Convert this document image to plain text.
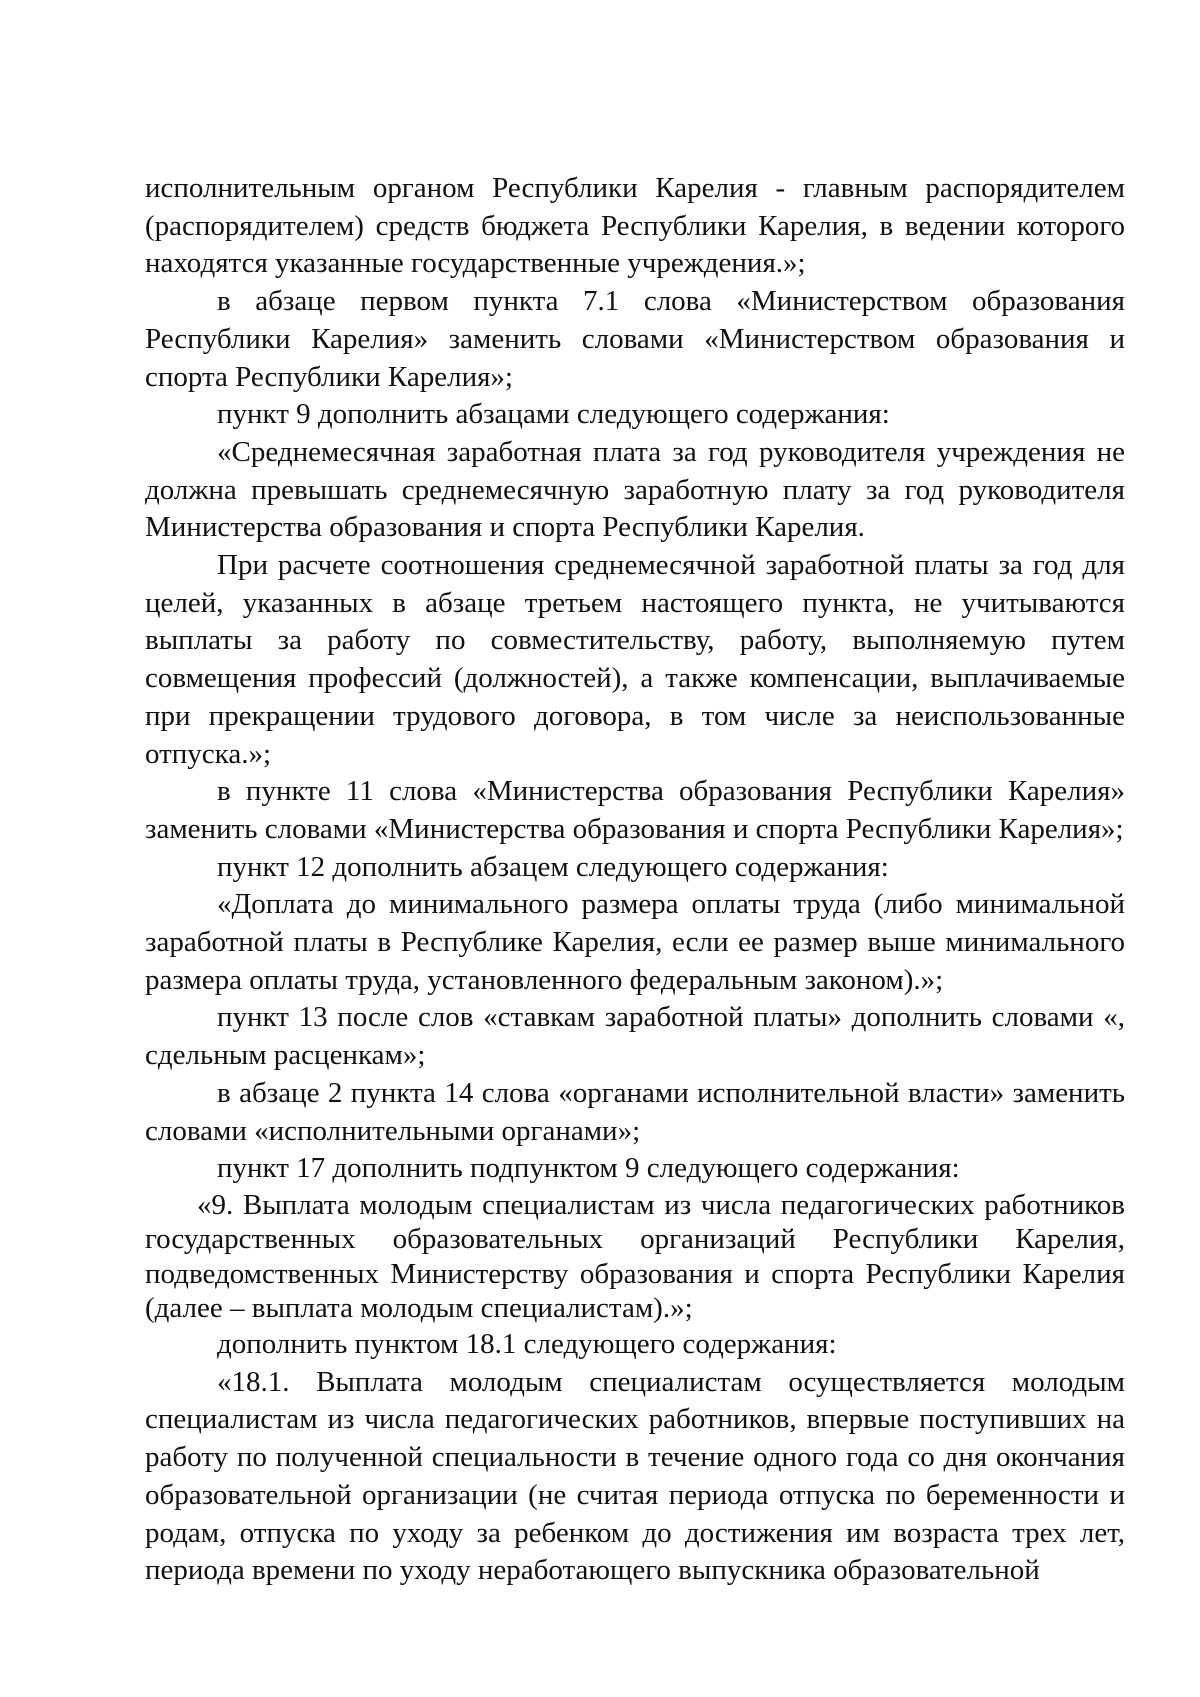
исполнительным органом Республики Карелия - главным распорядителем (распорядителем) средств бюджета Республики Карелия, в ведении которого находятся указанные государственные учреждения.»;

в абзаце первом пункта 7.1 слова «Министерством образования Республики Карелия» заменить словами «Министерством образования и спорта Республики Карелия»;

пункт 9 дополнить абзацами следующего содержания:

«Среднемесячная заработная плата за год руководителя учреждения не должна превышать среднемесячную заработную плату за год руководителя Министерства образования и спорта Республики Карелия.

При расчете соотношения среднемесячной заработной платы за год для целей, указанных в абзаце третьем настоящего пункта, не учитываются выплаты за работу по совместительству, работу, выполняемую путем совмещения профессий (должностей), а также компенсации, выплачиваемые при прекращении трудового договора, в том числе за неиспользованные отпуска.»;

в пункте 11 слова «Министерства образования Республики Карелия» заменить словами «Министерства образования и спорта Республики Карелия»;

пункт 12 дополнить абзацем следующего содержания:

«Доплата до минимального размера оплаты труда (либо минимальной заработной платы в Республике Карелия, если ее размер выше минимального размера оплаты труда, установленного федеральным законом).»;

пункт 13 после слов «ставкам заработной платы» дополнить словами «, сдельным расценкам»;

в абзаце 2 пункта 14 слова «органами исполнительной власти» заменить словами «исполнительными органами»;

пункт 17 дополнить подпунктом 9 следующего содержания:

«9. Выплата молодым специалистам из числа педагогических работников государственных образовательных организаций Республики Карелия, подведомственных Министерству образования и спорта Республики Карелия (далее – выплата молодым специалистам).»;

дополнить пунктом 18.1 следующего содержания:

«18.1. Выплата молодым специалистам осуществляется молодым специалистам из числа педагогических работников, впервые поступивших на работу по полученной специальности в течение одного года со дня окончания образовательной организации (не считая периода отпуска по беременности и родам, отпуска по уходу за ребенком до достижения им возраста трех лет, периода времени по уходу неработающего выпускника образовательной
